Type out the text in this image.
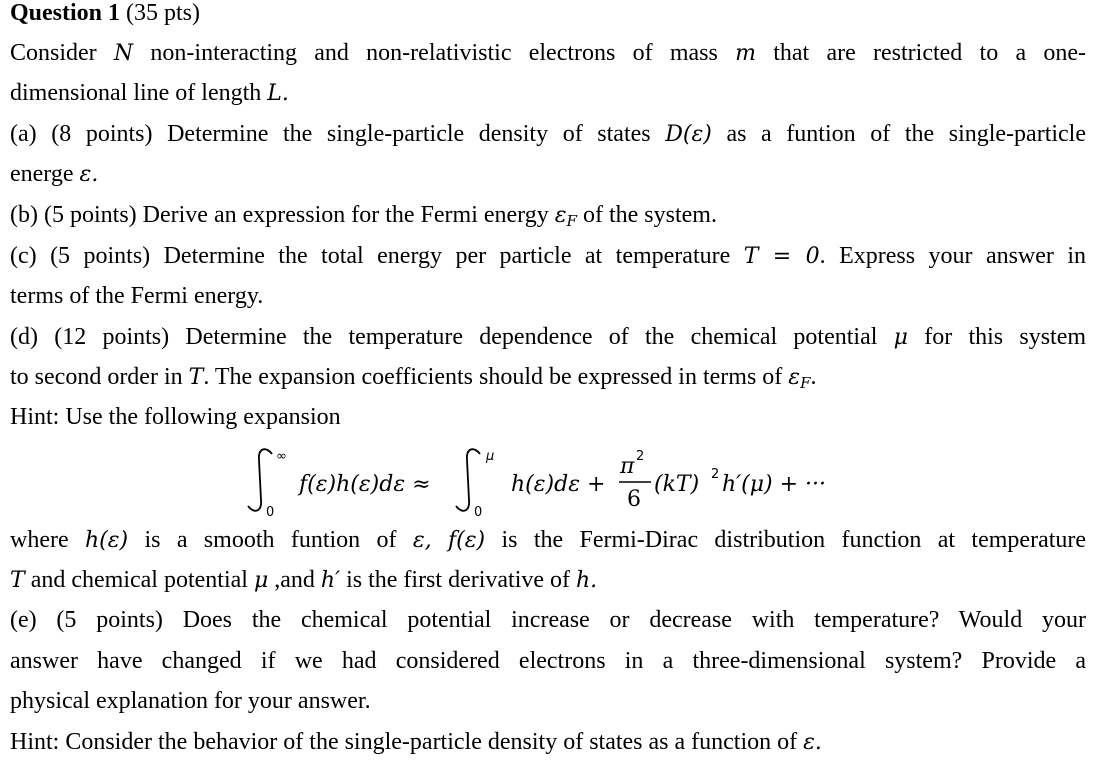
Question 1 (35 pts)
Consider N non-interacting and non-relativistic electrons of mass m that are restricted to a one-
dimensional line of length L.
(a) (8 points) Determine the single-particle density of states D(ε) as a funtion of the single-particle
energe ε.
(b) (5 points) Derive an expression for the Fermi energy $\varepsilon_F$ of the system.
(c) (5 points) Determine the total energy per particle at temperature T = 0. Express your answer in
terms of the Fermi energy.
(d) (12 points) Determine the temperature dependence of the chemical potential μ for this system
to second order in T. The expansion coefficients should be expressed in terms of $\varepsilon_F$.
Hint: Use the following expansion
∞
0
f(ε)h(ε)dε ≈
μ
0
h(ε)dε +
π 2
6
(kT) 2 h′(μ) + ···
where h(ε) is a smooth funtion of ε, f(ε) is the Fermi-Dirac distribution function at temperature
T and chemical potential μ ,and h′ is the first derivative of h.
(e) (5 points) Does the chemical potential increase or decrease with temperature? Would your
answer have changed if we had considered electrons in a three-dimensional system? Provide a
physical explanation for your answer.
Hint: Consider the behavior of the single-particle density of states as a function of ε.
